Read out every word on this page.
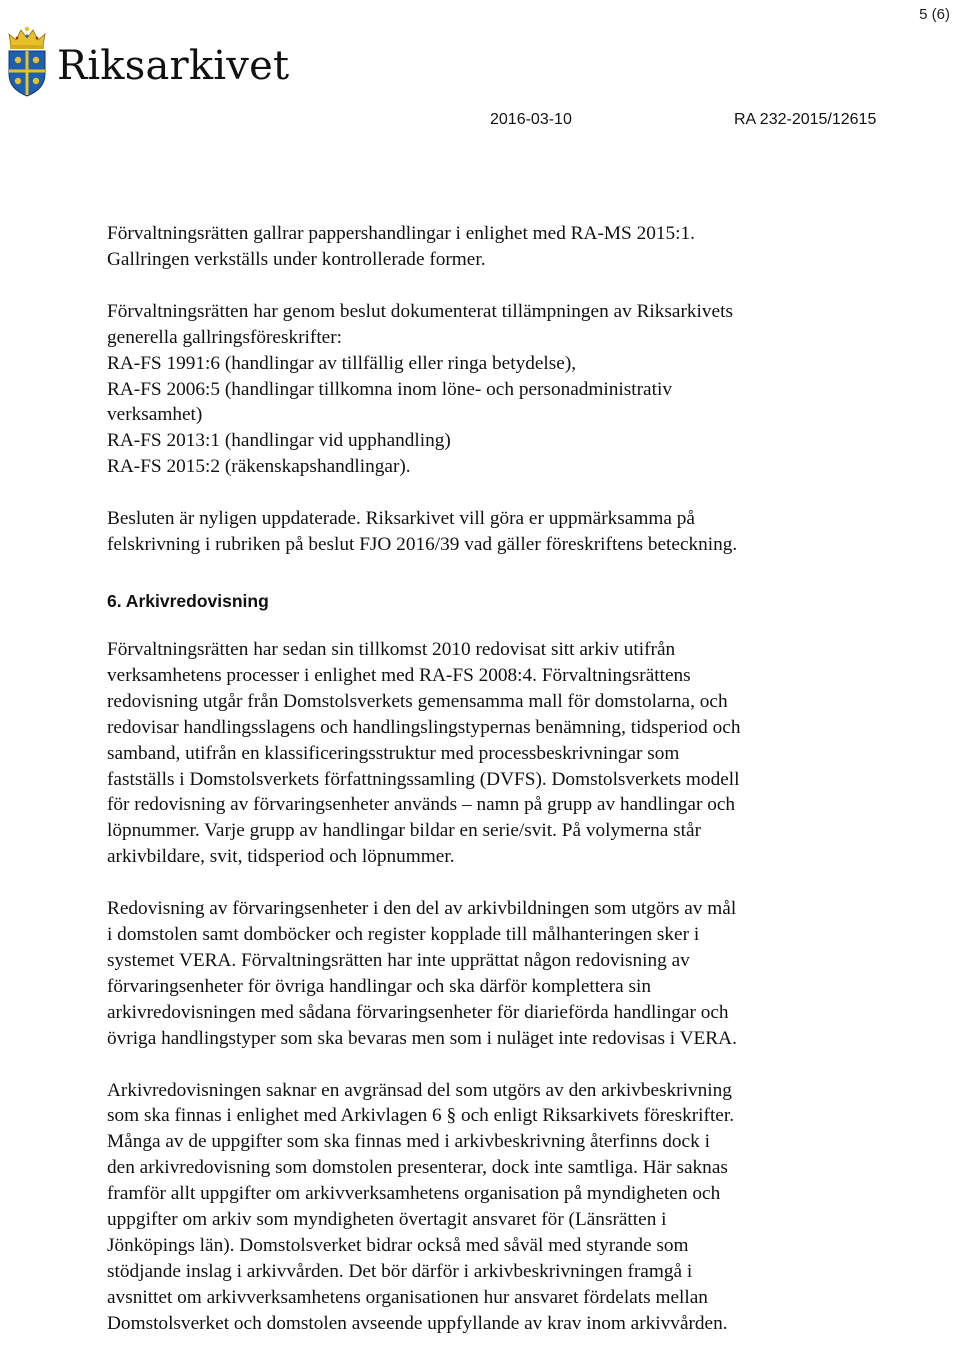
5 (6)
Riksarkivet
2016-03-10	RA 232-2015/12615

Förvaltningsrätten gallrar pappershandlingar i enlighet med RA-MS 2015:1.

Gallringen verkställs under kontrollerade former.

Förvaltningsrätten har genom beslut dokumenterat tillämpningen av Riksarkivets

generella gallringsföreskrifter:

RA-FS 1991:6 (handlingar av tillfällig eller ringa betydelse),

RA-FS 2006:5 (handlingar tillkomna inom löne- och personadministrativ

verksamhet)

RA-FS 2013:1 (handlingar vid upphandling)

RA-FS 2015:2 (räkenskapshandlingar).

Besluten är nyligen uppdaterade. Riksarkivet vill göra er uppmärksamma på

felskrivning i rubriken på beslut FJO 2016/39 vad gäller föreskriftens beteckning.

6. Arkivredovisning

Förvaltningsrätten har sedan sin tillkomst 2010 redovisat sitt arkiv utifrån

verksamhetens processer i enlighet med RA-FS 2008:4. Förvaltningsrättens

redovisning utgår från Domstolsverkets gemensamma mall för domstolarna, och

redovisar handlingsslagens och handlingslingstypernas benämning, tidsperiod och

samband, utifrån en klassificeringsstruktur med processbeskrivningar som

fastställs i Domstolsverkets författningssamling (DVFS). Domstolsverkets modell

för redovisning av förvaringsenheter används – namn på grupp av handlingar och

löpnummer. Varje grupp av handlingar bildar en serie/svit. På volymerna står

arkivbildare, svit, tidsperiod och löpnummer.

Redovisning av förvaringsenheter i den del av arkivbildningen som utgörs av mål

i domstolen samt domböcker och register kopplade till målhanteringen sker i

systemet VERA. Förvaltningsrätten har inte upprättat någon redovisning av

förvaringsenheter för övriga handlingar och ska därför komplettera sin

arkivredovisningen med sådana förvaringsenheter för diarieförda handlingar och

övriga handlingstyper som ska bevaras men som i nuläget inte redovisas i VERA.

Arkivredovisningen saknar en avgränsad del som utgörs av den arkivbeskrivning

som ska finnas i enlighet med Arkivlagen 6 § och enligt Riksarkivets föreskrifter.

Många av de uppgifter som ska finnas med i arkivbeskrivning återfinns dock i

den arkivredovisning som domstolen presenterar, dock inte samtliga. Här saknas

framför allt uppgifter om arkivverksamhetens organisation på myndigheten och

uppgifter om arkiv som myndigheten övertagit ansvaret för (Länsrätten i

Jönköpings län). Domstolsverket bidrar också med såväl med styrande som

stödjande inslag i arkivvården. Det bör därför i arkivbeskrivningen framgå i

avsnittet om arkivverksamhetens organisationen hur ansvaret fördelats mellan

Domstolsverket och domstolen avseende uppfyllande av krav inom arkivvården.
